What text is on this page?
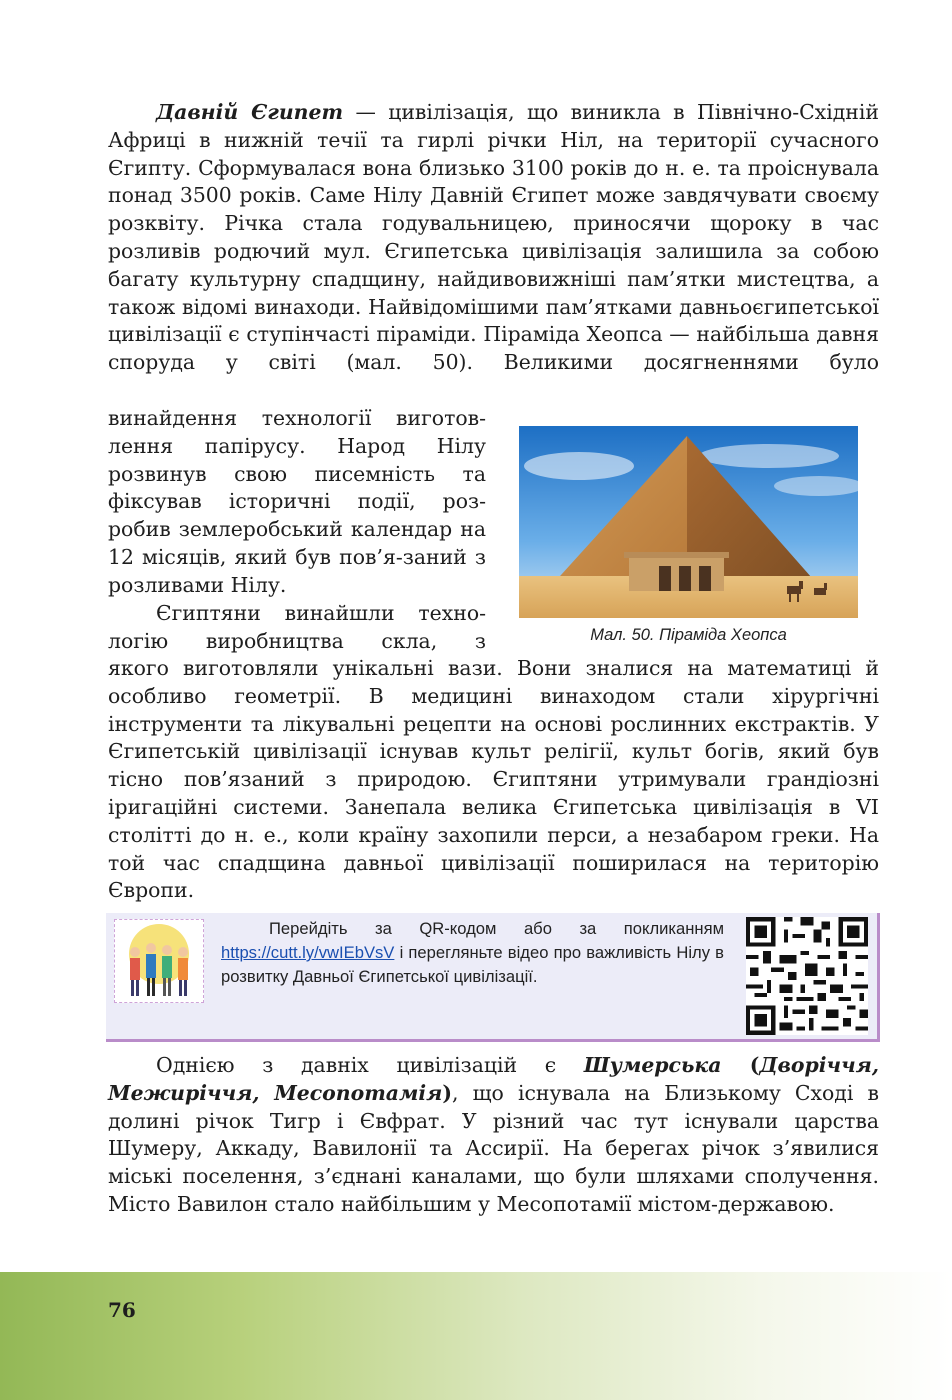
Давній Єгипет — цивілізація, що виникла в Північно-Східній Африці в нижній течії та гирлі річки Ніл, на території сучасного Єгипту. Сформувалася вона близько 3100 років до н. е. та проіснувала понад 3500 років. Саме Нілу Давній Єгипет може завдячувати своєму розквіту. Річка стала годувальницею, приносячи щороку в час розливів родючий мул. Єгипетська цивілізація залишила за собою багату культурну спадщину, найдивовижніші пам’ятки мистецтва, а також відомі винаходи. Найвідомішими пам’ятками давньоєгипетської цивілізації є ступінчасті піраміди. Піраміда Хеопса — найбільша давня споруда у світі (мал. 50). Великими досягненнями було

винайдення технології виготов-лення папірусу. Народ Нілу розвинув свою писемність та фіксував історичні події, роз-робив землеробський календар на 12 місяців, який був пов’я-заний з розливами Нілу.

Єгиптяни винайшли техно-логію виробництва скла, з

якого виготовляли унікальні вази. Вони зналися на математиці й особливо геометрії. В медицині винаходом стали хірургічні інструменти та лікувальні рецепти на основі рослинних екстрактів. У Єгипетській цивілізації існував культ релігії, культ богів, який був тісно пов’язаний з природою. Єгиптяни утримували грандіозні іригаційні системи. Занепала велика Єгипетська цивілізація в VI столітті до н. е., коли країну захопили перси, а незабаром греки. На той час спадщина давньої цивілізації поширилася на територію Європи.

Мал. 50. Піраміда Хеопса
Перейдіть за QR-кодом або за покликанням https://cutt.ly/vwIEbVsV і перегляньте відео про важливість Нілу в розвитку Давньої Єгипетської цивілізації.

Однією з давніх цивілізацій є Шумерська (Дворіччя, Межиріччя, Месопотамія), що існувала на Близькому Сході в долині річок Тигр і Євфрат. У різний час тут існували царства Шумеру, Аккаду, Вавилонії та Ассирії. На берегах річок з’явилися міські поселення, з’єднані каналами, що були шляхами сполучення. Місто Вавилон стало найбільшим у Месопотамії містом-державою.

76
